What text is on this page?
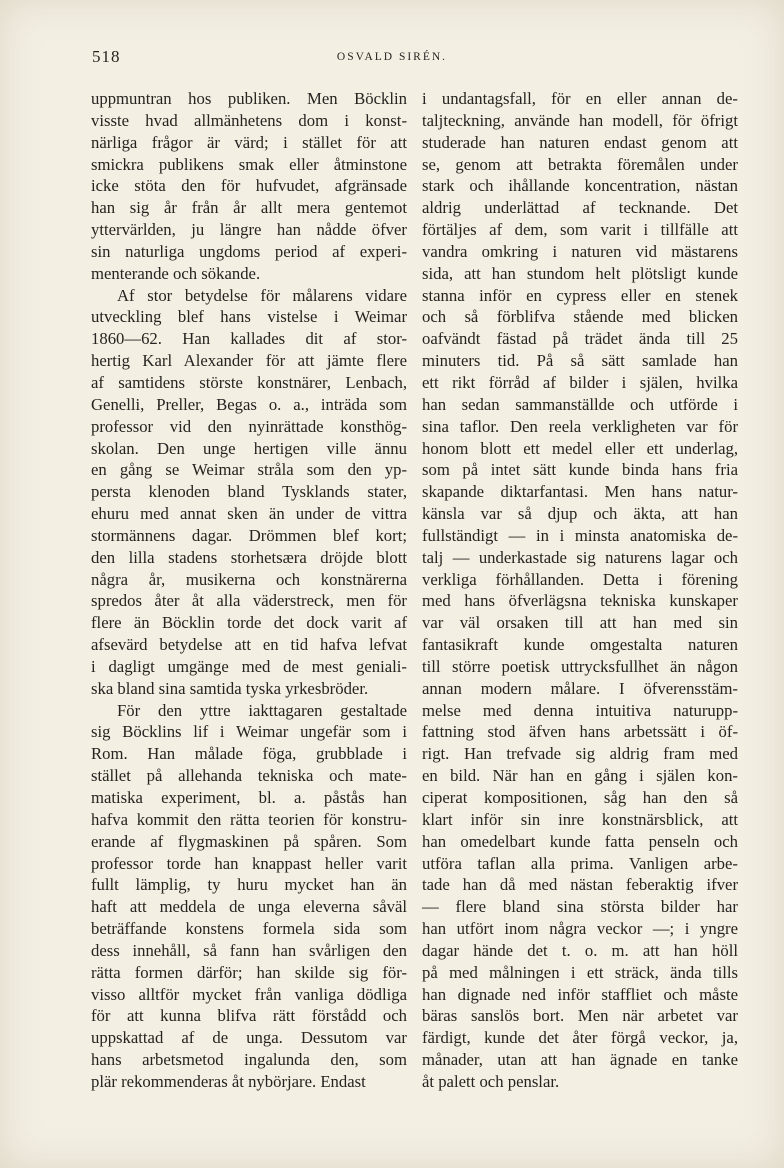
518	OSVALD SIRÉN.
uppmuntran hos publiken. Men Böcklin
visste hvad allmänhetens dom i konst-
närliga frågor är värd; i stället för att
smickra publikens smak eller åtminstone
icke stöta den för hufvudet, afgränsade
han sig år från år allt mera gentemot
yttervärlden, ju längre han nådde öfver
sin naturliga ungdoms period af experi-
menterande och sökande.
Af stor betydelse för målarens vidare
utveckling blef hans vistelse i Weimar
1860—62. Han kallades dit af stor-
hertig Karl Alexander för att jämte flere
af samtidens störste konstnärer, Lenbach,
Genelli, Preller, Begas o. a., inträda som
professor vid den nyinrättade konsthög-
skolan. Den unge hertigen ville ännu
en gång se Weimar stråla som den yp-
persta klenoden bland Tysklands stater,
ehuru med annat sken än under de vittra
stormännens dagar. Drömmen blef kort;
den lilla stadens storhetsæra dröjde blott
några år, musikerna och konstnärerna
spredos åter åt alla väderstreck, men för
flere än Böcklin torde det dock varit af
afsevärd betydelse att en tid hafva lefvat
i dagligt umgänge med de mest geniali-
ska bland sina samtida tyska yrkesbröder.
För den yttre iakttagaren gestaltade
sig Böcklins lif i Weimar ungefär som i
Rom. Han målade föga, grubblade i
stället på allehanda tekniska och mate-
matiska experiment, bl. a. påstås han
hafva kommit den rätta teorien för konstru-
erande af flygmaskinen på spåren. Som
professor torde han knappast heller varit
fullt lämplig, ty huru mycket han än
haft att meddela de unga eleverna såväl
beträffande konstens formela sida som
dess innehåll, så fann han svårligen den
rätta formen därför; han skilde sig för-
visso alltför mycket från vanliga dödliga
för att kunna blifva rätt förstådd och
uppskattad af de unga. Dessutom var
hans arbetsmetod ingalunda den, som
plär rekommenderas åt nybörjare. Endast
i undantagsfall, för en eller annan de-
taljteckning, använde han modell, för öfrigt
studerade han naturen endast genom att
se, genom att betrakta föremålen under
stark och ihållande koncentration, nästan
aldrig underlättad af tecknande. Det
förtäljes af dem, som varit i tillfälle att
vandra omkring i naturen vid mästarens
sida, att han stundom helt plötsligt kunde
stanna inför en cypress eller en stenek
och så förblifva stående med blicken
oafvändt fästad på trädet ända till 25
minuters tid. På så sätt samlade han
ett rikt förråd af bilder i själen, hvilka
han sedan sammanställde och utförde i
sina taflor. Den reela verkligheten var för
honom blott ett medel eller ett underlag,
som på intet sätt kunde binda hans fria
skapande diktarfantasi. Men hans natur-
känsla var så djup och äkta, att han
fullständigt — in i minsta anatomiska de-
talj — underkastade sig naturens lagar och
verkliga förhållanden. Detta i förening
med hans öfverlägsna tekniska kunskaper
var väl orsaken till att han med sin
fantasikraft kunde omgestalta naturen
till större poetisk uttrycksfullhet än någon
annan modern målare. I öfverensstäm-
melse med denna intuitiva naturupp-
fattning stod äfven hans arbetssätt i öf-
rigt. Han trefvade sig aldrig fram med
en bild. När han en gång i själen kon-
ciperat kompositionen, såg han den så
klart inför sin inre konstnärsblick, att
han omedelbart kunde fatta penseln och
utföra taflan alla prima. Vanligen arbe-
tade han då med nästan feberaktig ifver
— flere bland sina största bilder har
han utfört inom några veckor —; i yngre
dagar hände det t. o. m. att han höll
på med målningen i ett sträck, ända tills
han dignade ned inför staffliet och måste
bäras sanslös bort. Men när arbetet var
färdigt, kunde det åter förgå veckor, ja,
månader, utan att han ägnade en tanke
åt palett och penslar.
